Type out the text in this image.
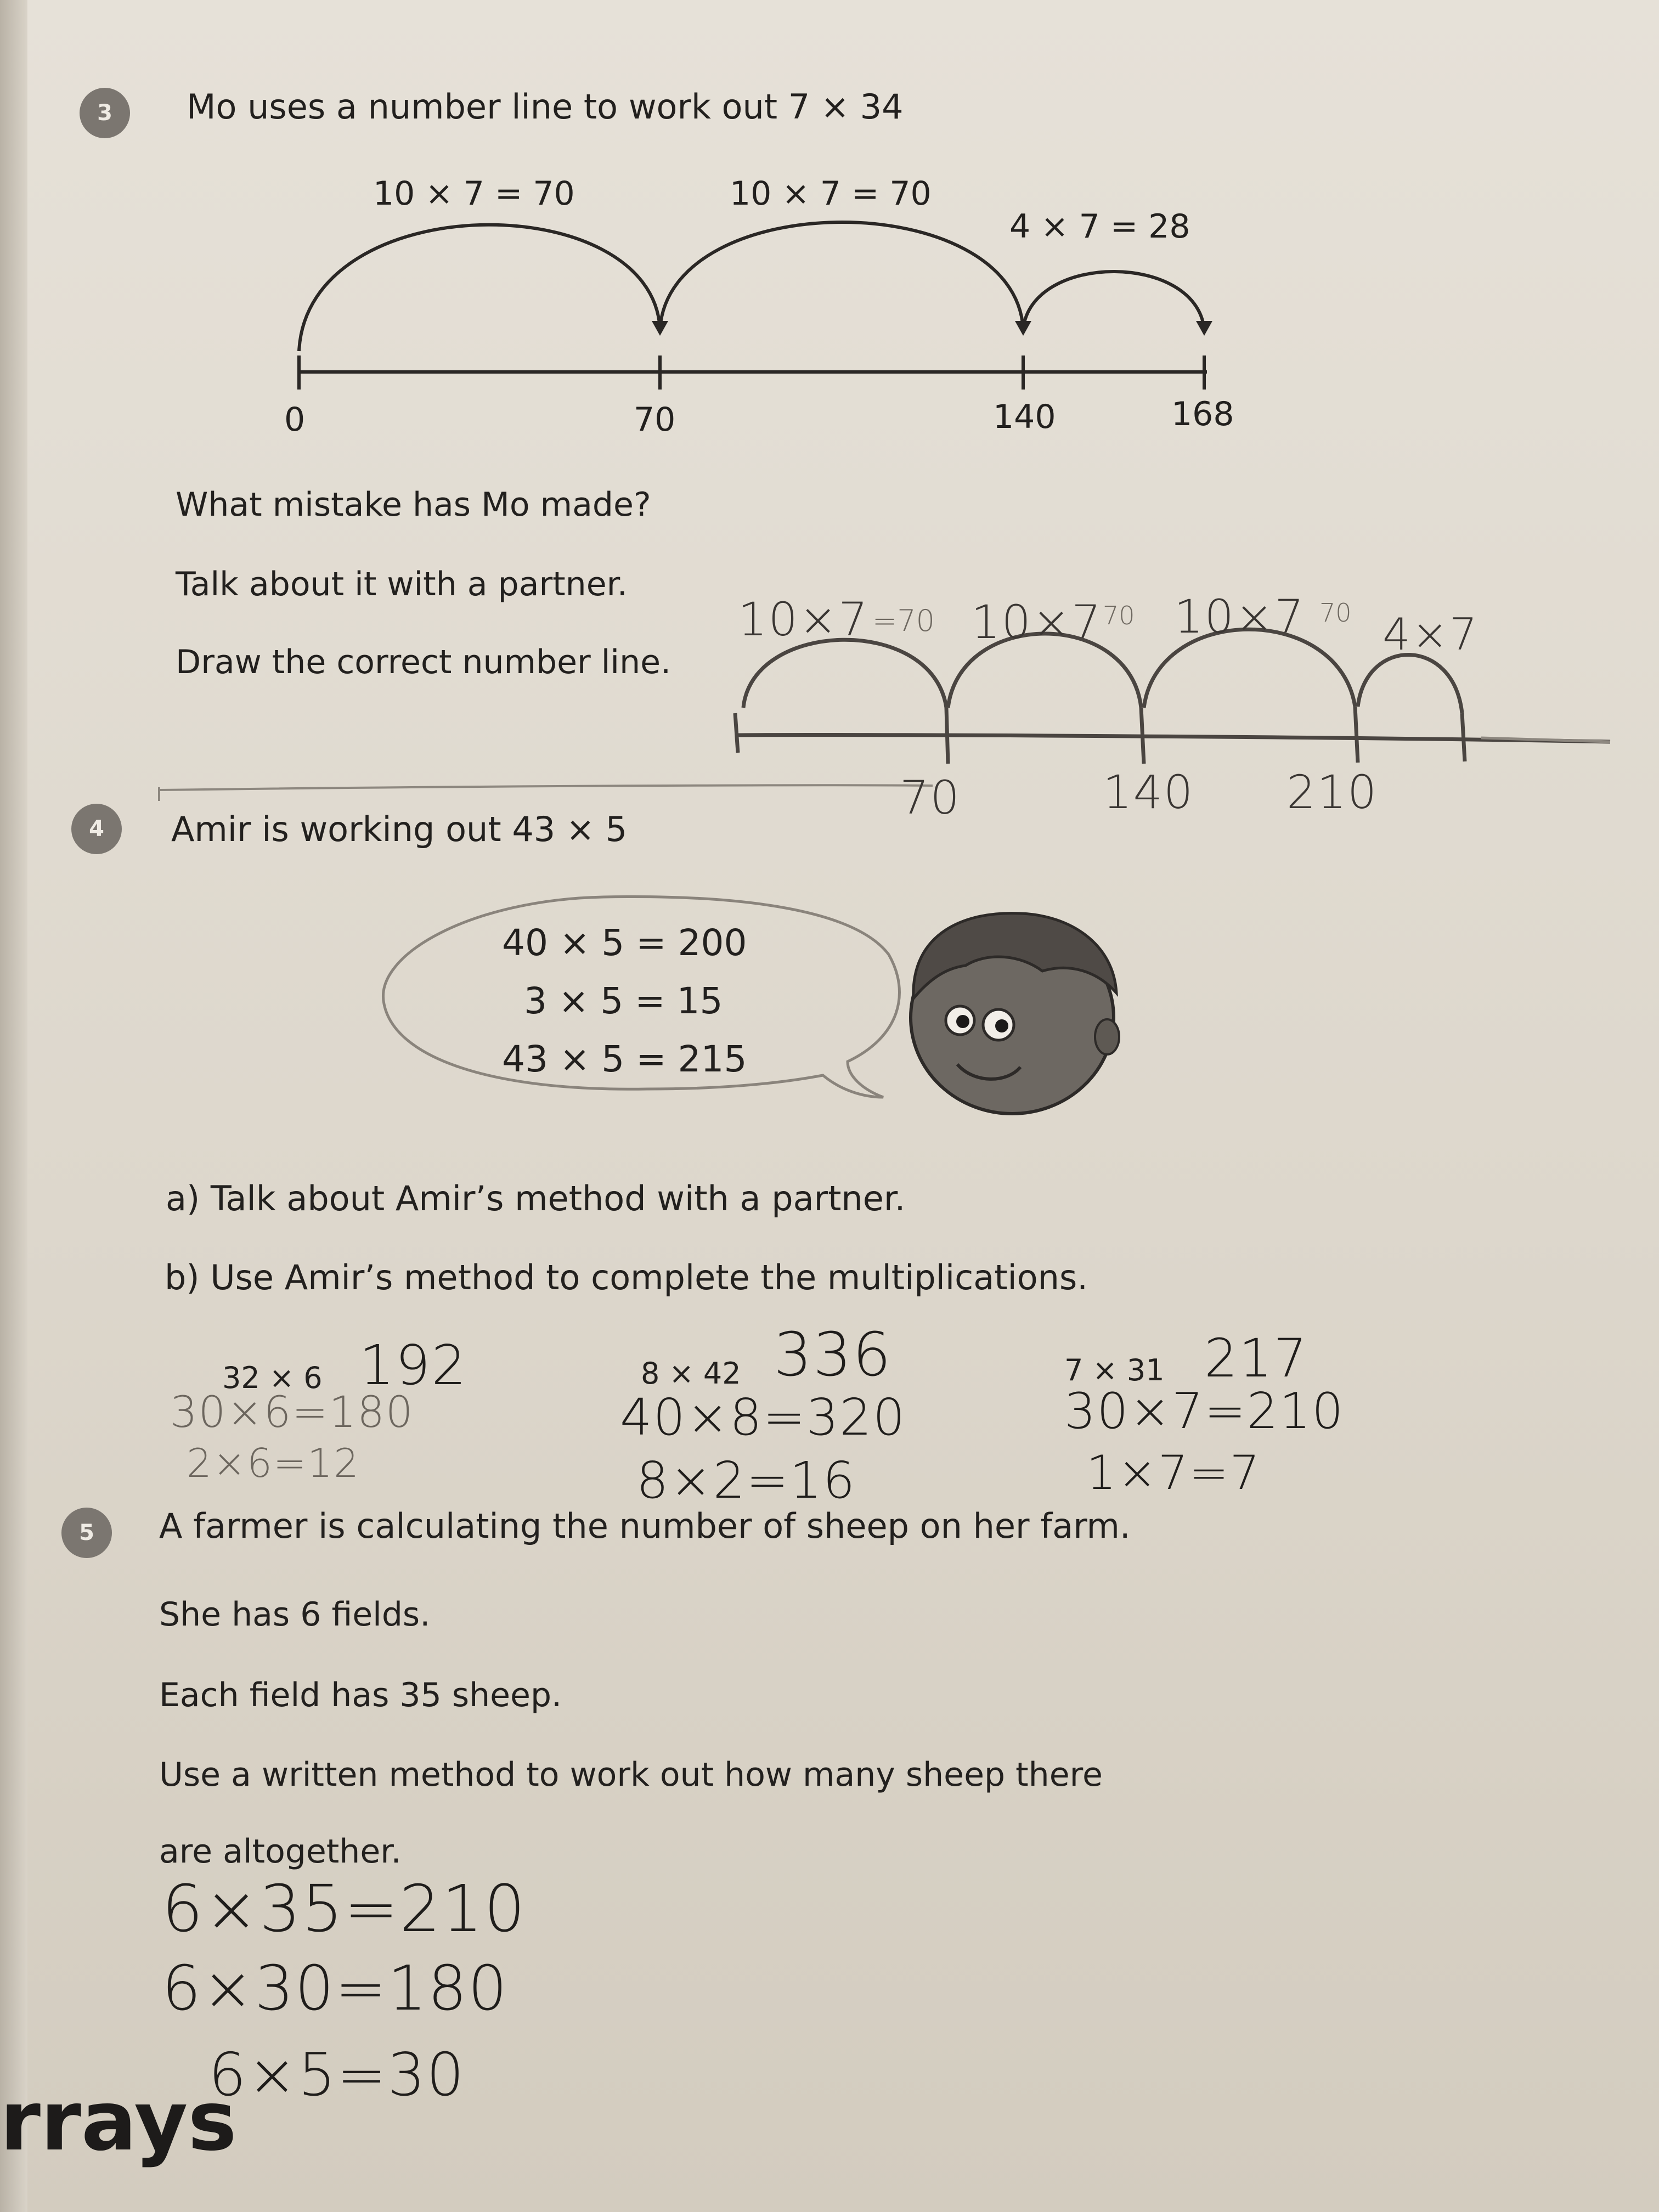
3	Mo uses a number line to work out 7 × 34
10 × 7 = 70	10 × 7 = 70
4 × 7 = 28
0	70	140	168
What mistake has Mo made?
Talk about it with a partner.
Draw the correct number line.
10×7 =70 10×7 70 10×7 70 4×7
70	140 210
4	Amir is working out 43 × 5
40 × 5 = 200
3 × 5 = 15
43 × 5 = 215
a) Talk about Amir’s method with a partner.
b) Use Amir’s method to complete the multiplications.
32 × 6 192
30×6=180
2×6=12
8 × 42 336
40×8=320
8×2=16
7 × 31 217
30×7=210
1×7=7
5	A farmer is calculating the number of sheep on her farm.
She has 6 fields.
Each field has 35 sheep.
Use a written method to work out how many sheep there
are altogether.
6×35=210
6×30=180
6×5=30
rrays
